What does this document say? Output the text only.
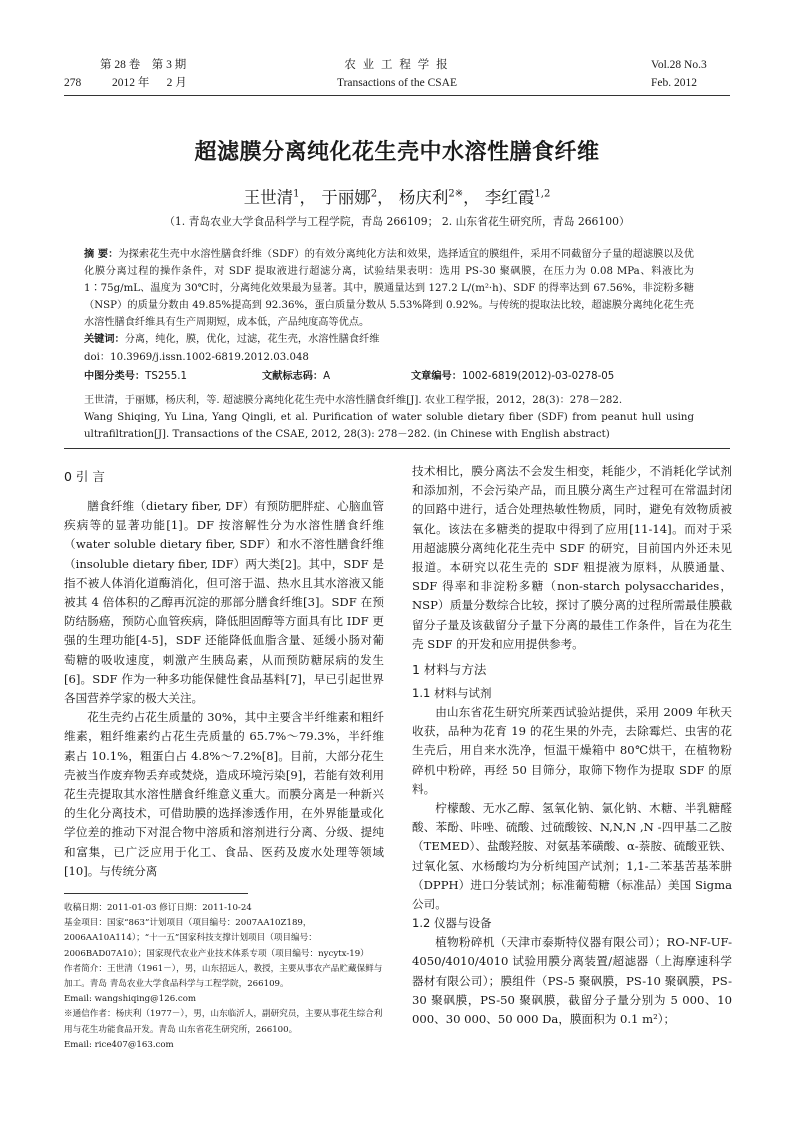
第 28 卷 第 3 期
278	2012 年 2 月
农 业 工 程 学 报
Transactions of the CSAE
Vol.28 No.3
Feb. 2012
超滤膜分离纯化花生壳中水溶性膳食纤维
王世清$^1$， 于丽娜$^2$， 杨庆利$^{2※}$， 李红霞$^{1,2}$
（1. 青岛农业大学食品科学与工程学院，青岛 266109； 2. 山东省花生研究所，青岛 266100）
摘 要：为探索花生壳中水溶性膳食纤维（SDF）的有效分离纯化方法和效果，选择适宜的膜组件，采用不同截留分子量的超滤膜以及优化膜分离过程的操作条件，对 SDF 提取液进行超滤分离，试验结果表明：选用 PS-30 聚砜膜，在压力为 0.08 MPa、料液比为 1∶75g/mL、温度为 30℃时，分离纯化效果最为显著。其中，膜通量达到 127.2 L/(m²·h)、SDF 的得率达到 67.56%，非淀粉多糖（NSP）的质量分数由 49.85%提高到 92.36%，蛋白质量分数从 5.53%降到 0.92%。与传统的提取法比较，超滤膜分离纯化花生壳水溶性膳食纤维具有生产周期短，成本低，产品纯度高等优点。
关键词：分离，纯化，膜，优化，过滤，花生壳，水溶性膳食纤维
doi：10.3969/j.issn.1002-6819.2012.03.048
中图分类号：TS255.1	文献标志码：A	文章编号：1002-6819(2012)-03-0278-05
王世清，于丽娜，杨庆利，等. 超滤膜分离纯化花生壳中水溶性膳食纤维[J]. 农业工程学报，2012，28(3)：278－282.
Wang Shiqing, Yu Lina, Yang Qingli, et al. Purification of water soluble dietary fiber (SDF) from peanut hull using ultrafiltration[J]. Transactions of the CSAE, 2012, 28(3): 278－282. (in Chinese with English abstract)
0 引 言

膳食纤维（dietary fiber, DF）有预防肥胖症、心脑血管疾病等的显著功能[1]。DF 按溶解性分为水溶性膳食纤维（water soluble dietary fiber, SDF）和水不溶性膳食纤维（insoluble dietary fiber, IDF）两大类[2]。其中，SDF 是指不被人体消化道酶消化，但可溶于温、热水且其水溶液又能被其 4 倍体积的乙醇再沉淀的那部分膳食纤维[3]。SDF 在预防结肠癌，预防心血管疾病，降低胆固醇等方面具有比 IDF 更强的生理功能[4-5]，SDF 还能降低血脂含量、延缓小肠对葡萄糖的吸收速度，刺激产生胰岛素，从而预防糖尿病的发生[6]。SDF 作为一种多功能保健性食品基料[7]，早已引起世界各国营养学家的极大关注。

花生壳约占花生质量的 30%，其中主要含半纤维素和粗纤维素，粗纤维素约占花生壳质量的 65.7%～79.3%，半纤维素占 10.1%，粗蛋白占 4.8%～7.2%[8]。目前，大部分花生壳被当作废弃物丢弃或焚烧，造成环境污染[9]，若能有效利用花生壳提取其水溶性膳食纤维意义重大。而膜分离是一种新兴的生化分离技术，可借助膜的选择渗透作用，在外界能量或化学位差的推动下对混合物中溶质和溶剂进行分离、分级、提纯和富集，已广泛应用于化工、食品、医药及废水处理等领域[10]。与传统分离

收稿日期：2011-01-03 修订日期：2011-10-24
基金项目：国家“863”计划项目（项目编号：2007AA10Z189，2006AA10A114）；“十一五”国家科技支撑计划项目（项目编号：2006BAD07A10）；国家现代农业产业技术体系专项（项目编号：nycytx-19）
作者简介：王世清（1961－），男，山东招远人，教授，主要从事农产品贮藏保鲜与加工。青岛 青岛农业大学食品科学与工程学院，266109。
Email: wangshiqing@126.com
※通信作者：杨庆利（1977－），男，山东临沂人，副研究员，主要从事花生综合利用与花生功能食品开发。青岛 山东省花生研究所，266100。
Email: rice407@163.com

技术相比，膜分离法不会发生相变，耗能少，不消耗化学试剂和添加剂，不会污染产品，而且膜分离生产过程可在常温封闭的回路中进行，适合处理热敏性物质，同时，避免有效物质被氧化。该法在多糖类的提取中得到了应用[11-14]。而对于采用超滤膜分离纯化花生壳中 SDF 的研究，目前国内外还未见报道。本研究以花生壳的 SDF 粗提液为原料，从膜通量、SDF 得率和非淀粉多糖（non-starch polysaccharides，NSP）质量分数综合比较，探讨了膜分离的过程所需最佳膜截留分子量及该截留分子量下分离的最佳工作条件，旨在为花生壳 SDF 的开发和应用提供参考。

1 材料与方法
1.1 材料与试剂

由山东省花生研究所莱西试验站提供，采用 2009 年秋天收获，品种为花育 19 的花生果的外壳，去除霉烂、虫害的花生壳后，用自来水洗净，恒温干燥箱中 80℃烘干，在植物粉碎机中粉碎，再经 50 目筛分，取筛下物作为提取 SDF 的原料。

柠檬酸、无水乙醇、氢氧化钠、氯化钠、木糖、半乳糖醛酸、苯酚、咔唑、硫酸、过硫酸铵、N,N,N ,N -四甲基二乙胺（TEMED）、盐酸羟胺、对氨基苯磺酸、α-萘胺、硫酸亚铁、过氧化氢、水杨酸均为分析纯国产试剂；1,1-二苯基苦基苯肼（DPPH）进口分装试剂；标准葡萄糖（标准品）美国 Sigma 公司。

1.2 仪器与设备

植物粉碎机（天津市泰斯特仪器有限公司）；RO-NF-UF-4050/4010/4010 试验用膜分离装置/超滤器（上海摩速科学器材有限公司）；膜组件（PS-5 聚砜膜，PS-10 聚砜膜，PS-30 聚砜膜，PS-50 聚砜膜，截留分子量分别为 5 000、10 000、30 000、50 000 Da，膜面积为 0.1 m²）；
